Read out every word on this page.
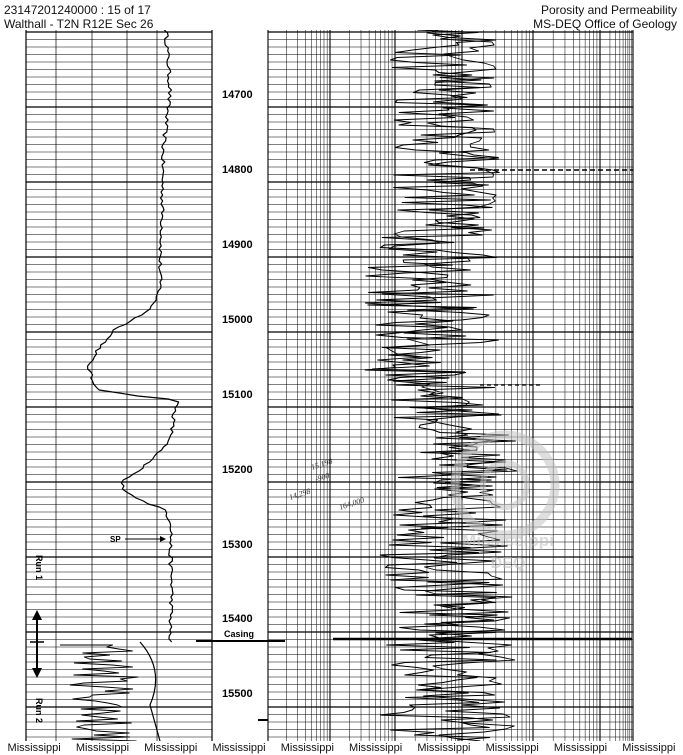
23147201240000 : 15 of 17
Walthall - T2N R12E Sec 26
Porosity and Permeability
MS-DEQ Office of Geology
Mississippi
DEQ
14700
14800
14900
15000
15100
15200
15300
15400
15500
SP
Casing
Run 1
Run 2
15,198
-900
14,298
164,000
Mississippi	Mississippi	Mississippi	Mississippi	Mississippi	Mississippi	Mississippi	Mississippi	Mississippi	Mississippi
